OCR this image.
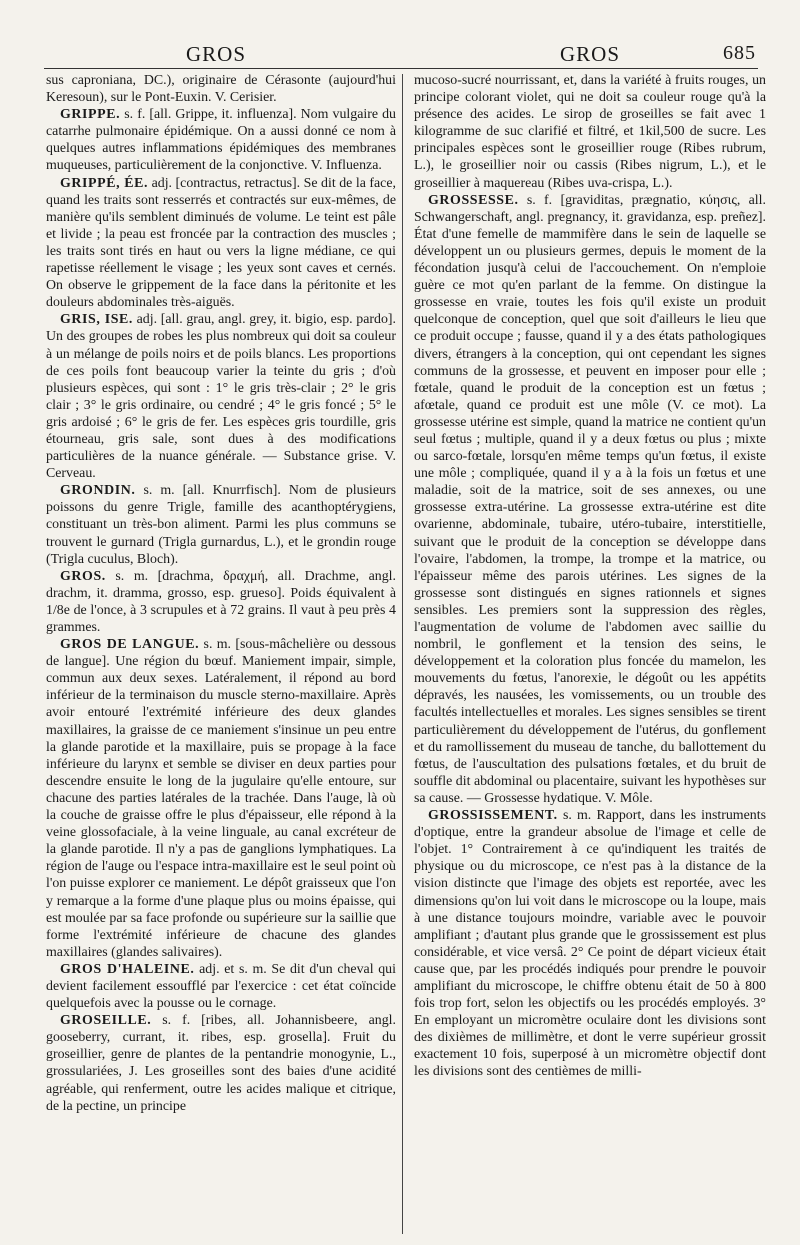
GROS	GROS	685

sus caproniana, DC.), originaire de Cérasonte (aujourd'hui Keresoun), sur le Pont-Euxin. V. Cerisier.

GRIPPE. s. f. [all. Grippe, it. influenza]. Nom vulgaire du catarrhe pulmonaire épidémique. On a aussi donné ce nom à quelques autres inflammations épidémiques des membranes muqueuses, particulièrement de la conjonctive. V. Influenza.

GRIPPÉ, ÉE. adj. [contractus, retractus]. Se dit de la face, quand les traits sont resserrés et contractés sur eux-mêmes, de manière qu'ils semblent diminués de volume. Le teint est pâle et livide ; la peau est froncée par la contraction des muscles ; les traits sont tirés en haut ou vers la ligne médiane, ce qui rapetisse réellement le visage ; les yeux sont caves et cernés. On observe le grippement de la face dans la péritonite et les douleurs abdominales très-aiguës.

GRIS, ISE. adj. [all. grau, angl. grey, it. bigio, esp. pardo]. Un des groupes de robes les plus nombreux qui doit sa couleur à un mélange de poils noirs et de poils blancs. Les proportions de ces poils font beaucoup varier la teinte du gris ; d'où plusieurs espèces, qui sont : 1° le gris très-clair ; 2° le gris clair ; 3° le gris ordinaire, ou cendré ; 4° le gris foncé ; 5° le gris ardoisé ; 6° le gris de fer. Les espèces gris tourdille, gris étourneau, gris sale, sont dues à des modifications particulières de la nuance générale. — Substance grise. V. Cerveau.

GRONDIN. s. m. [all. Knurrfisch]. Nom de plusieurs poissons du genre Trigle, famille des acanthoptérygiens, constituant un très-bon aliment. Parmi les plus communs se trouvent le gurnard (Trigla gurnardus, L.), et le grondin rouge (Trigla cuculus, Bloch).

GROS. s. m. [drachma, δραχμή, all. Drachme, angl. drachm, it. dramma, grosso, esp. grueso]. Poids équivalent à 1/8e de l'once, à 3 scrupules et à 72 grains. Il vaut à peu près 4 grammes.

GROS DE LANGUE. s. m. [sous-mâchelière ou dessous de langue]. Une région du bœuf. Maniement impair, simple, commun aux deux sexes. Latéralement, il répond au bord inférieur de la terminaison du muscle sterno-maxillaire. Après avoir entouré l'extrémité inférieure des deux glandes maxillaires, la graisse de ce maniement s'insinue un peu entre la glande parotide et la maxillaire, puis se propage à la face inférieure du larynx et semble se diviser en deux parties pour descendre ensuite le long de la jugulaire qu'elle entoure, sur chacune des parties latérales de la trachée. Dans l'auge, là où la couche de graisse offre le plus d'épaisseur, elle répond à la veine glossofaciale, à la veine linguale, au canal excréteur de la glande parotide. Il n'y a pas de ganglions lymphatiques. La région de l'auge ou l'espace intra-maxillaire est le seul point où l'on puisse explorer ce maniement. Le dépôt graisseux que l'on y remarque a la forme d'une plaque plus ou moins épaisse, qui est moulée par sa face profonde ou supérieure sur la saillie que forme l'extrémité inférieure de chacune des glandes maxillaires (glandes salivaires).

GROS D'HALEINE. adj. et s. m. Se dit d'un cheval qui devient facilement essoufflé par l'exercice : cet état coïncide quelquefois avec la pousse ou le cornage.

GROSEILLE. s. f. [ribes, all. Johannisbeere, angl. gooseberry, currant, it. ribes, esp. grosella]. Fruit du groseillier, genre de plantes de la pentandrie monogynie, L., grossulariées, J. Les groseilles sont des baies d'une acidité agréable, qui renferment, outre les acides malique et citrique, de la pectine, un principe

mucoso-sucré nourrissant, et, dans la variété à fruits rouges, un principe colorant violet, qui ne doit sa couleur rouge qu'à la présence des acides. Le sirop de groseilles se fait avec 1 kilogramme de suc clarifié et filtré, et 1kil,500 de sucre. Les principales espèces sont le groseillier rouge (Ribes rubrum, L.), le groseillier noir ou cassis (Ribes nigrum, L.), et le groseillier à maquereau (Ribes uva-crispa, L.).

GROSSESSE. s. f. [graviditas, prægnatio, κύησις, all. Schwangerschaft, angl. pregnancy, it. gravidanza, esp. preñez]. État d'une femelle de mammifère dans le sein de laquelle se développent un ou plusieurs germes, depuis le moment de la fécondation jusqu'à celui de l'accouchement. On n'emploie guère ce mot qu'en parlant de la femme. On distingue la grossesse en vraie, toutes les fois qu'il existe un produit quelconque de conception, quel que soit d'ailleurs le lieu que ce produit occupe ; fausse, quand il y a des états pathologiques divers, étrangers à la conception, qui ont cependant les signes communs de la grossesse, et peuvent en imposer pour elle ; fœtale, quand le produit de la conception est un fœtus ; afœtale, quand ce produit est une môle (V. ce mot). La grossesse utérine est simple, quand la matrice ne contient qu'un seul fœtus ; multiple, quand il y a deux fœtus ou plus ; mixte ou sarco-fœtale, lorsqu'en même temps qu'un fœtus, il existe une môle ; compliquée, quand il y a à la fois un fœtus et une maladie, soit de la matrice, soit de ses annexes, ou une grossesse extra-utérine. La grossesse extra-utérine est dite ovarienne, abdominale, tubaire, utéro-tubaire, interstitielle, suivant que le produit de la conception se développe dans l'ovaire, l'abdomen, la trompe, la trompe et la matrice, ou l'épaisseur même des parois utérines. Les signes de la grossesse sont distingués en signes rationnels et signes sensibles. Les premiers sont la suppression des règles, l'augmentation de volume de l'abdomen avec saillie du nombril, le gonflement et la tension des seins, le développement et la coloration plus foncée du mamelon, les mouvements du fœtus, l'anorexie, le dégoût ou les appétits dépravés, les nausées, les vomissements, ou un trouble des facultés intellectuelles et morales. Les signes sensibles se tirent particulièrement du développement de l'utérus, du gonflement et du ramollissement du museau de tanche, du ballottement du fœtus, de l'auscultation des pulsations fœtales, et du bruit de souffle dit abdominal ou placentaire, suivant les hypothèses sur sa cause. — Grossesse hydatique. V. Môle.

GROSSISSEMENT. s. m. Rapport, dans les instruments d'optique, entre la grandeur absolue de l'image et celle de l'objet. 1° Contrairement à ce qu'indiquent les traités de physique ou du microscope, ce n'est pas à la distance de la vision distincte que l'image des objets est reportée, avec les dimensions qu'on lui voit dans le microscope ou la loupe, mais à une distance toujours moindre, variable avec le pouvoir amplifiant ; d'autant plus grande que le grossissement est plus considérable, et vice versâ. 2° Ce point de départ vicieux était cause que, par les procédés indiqués pour prendre le pouvoir amplifiant du microscope, le chiffre obtenu était de 50 à 800 fois trop fort, selon les objectifs ou les procédés employés. 3° En employant un micromètre oculaire dont les divisions sont des dixièmes de millimètre, et dont le verre supérieur grossit exactement 10 fois, superposé à un micromètre objectif dont les divisions sont des centièmes de milli-
